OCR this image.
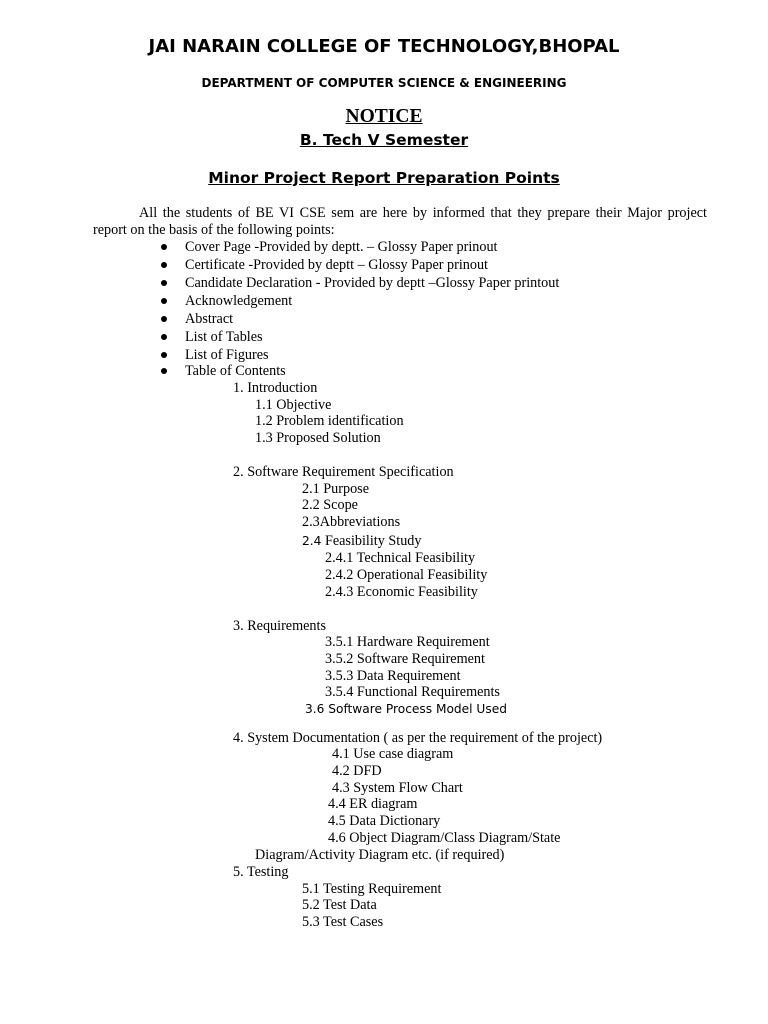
JAI NARAIN COLLEGE OF TECHNOLOGY,BHOPAL
DEPARTMENT OF COMPUTER SCIENCE & ENGINEERING
NOTICE
B. Tech V Semester
Minor Project Report Preparation Points
All the students of BE VI CSE sem are here by informed that they prepare their Major project report on the basis of the following points:
Cover Page -Provided by deptt. – Glossy Paper prinout
Certificate -Provided by deptt – Glossy Paper prinout
Candidate Declaration - Provided by deptt –Glossy Paper printout
Acknowledgement
Abstract
List of Tables
List of Figures
Table of Contents
1. Introduction
1.1 Objective
1.2 Problem identification
1.3 Proposed Solution
2. Software Requirement Specification
2.1 Purpose
2.2 Scope
2.3Abbreviations
2.4 Feasibility Study
2.4.1 Technical Feasibility
2.4.2 Operational Feasibility
2.4.3 Economic Feasibility
3. Requirements
3.5.1 Hardware Requirement
3.5.2 Software Requirement
3.5.3 Data Requirement
3.5.4 Functional Requirements
3.6 Software Process Model Used
4. System Documentation ( as per the requirement of the project)
4.1 Use case diagram
4.2 DFD
4.3 System Flow Chart
4.4 ER diagram
4.5 Data Dictionary
4.6 Object Diagram/Class Diagram/State
Diagram/Activity Diagram etc. (if required)
5. Testing
5.1 Testing Requirement
5.2 Test Data
5.3 Test Cases
